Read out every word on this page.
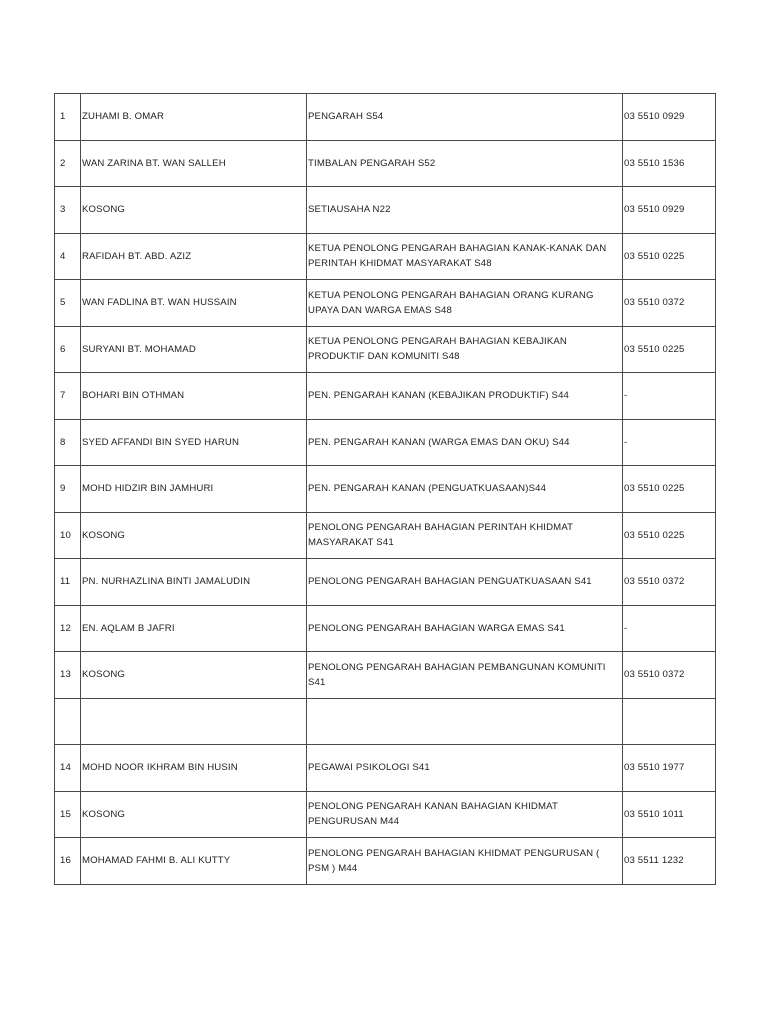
1	ZUHAMI B. OMAR	PENGARAH S54	03 5510 0929
2	WAN ZARINA BT. WAN SALLEH	TIMBALAN PENGARAH S52	03 5510 1536
3	KOSONG	SETIAUSAHA N22	03 5510 0929
4	RAFIDAH BT. ABD. AZIZ	KETUA PENOLONG PENGARAH BAHAGIAN KANAK-KANAK DAN PERINTAH KHIDMAT MASYARAKAT S48	03 5510 0225
5	WAN FADLINA BT. WAN HUSSAIN	KETUA PENOLONG PENGARAH BAHAGIAN ORANG KURANG UPAYA DAN WARGA EMAS S48	03 5510 0372
6	SURYANI BT. MOHAMAD	KETUA PENOLONG PENGARAH BAHAGIAN KEBAJIKAN PRODUKTIF DAN KOMUNITI S48	03 5510 0225
7	BOHARI BIN OTHMAN	PEN. PENGARAH KANAN (KEBAJIKAN PRODUKTIF) S44	-
8	SYED AFFANDI BIN SYED HARUN	PEN. PENGARAH KANAN (WARGA EMAS DAN OKU) S44	-
9	MOHD HIDZIR BIN JAMHURI	PEN. PENGARAH KANAN (PENGUATKUASAAN)S44	03 5510 0225
10	KOSONG	PENOLONG PENGARAH BAHAGIAN PERINTAH KHIDMAT MASYARAKAT S41	03 5510 0225
11	PN. NURHAZLINA BINTI JAMALUDIN	PENOLONG PENGARAH BAHAGIAN PENGUATKUASAAN S41	03 5510 0372
12	EN. AQLAM B JAFRI	PENOLONG PENGARAH BAHAGIAN WARGA EMAS S41	-
13	KOSONG	PENOLONG PENGARAH BAHAGIAN PEMBANGUNAN KOMUNITI S41	03 5510 0372

14	MOHD NOOR IKHRAM BIN HUSIN	PEGAWAI PSIKOLOGI S41	03 5510 1977
15	KOSONG	PENOLONG PENGARAH KANAN BAHAGIAN KHIDMAT PENGURUSAN M44	03 5510 1011
16	MOHAMAD FAHMI B. ALI KUTTY	PENOLONG PENGARAH BAHAGIAN KHIDMAT PENGURUSAN ( PSM ) M44	03 5511 1232
